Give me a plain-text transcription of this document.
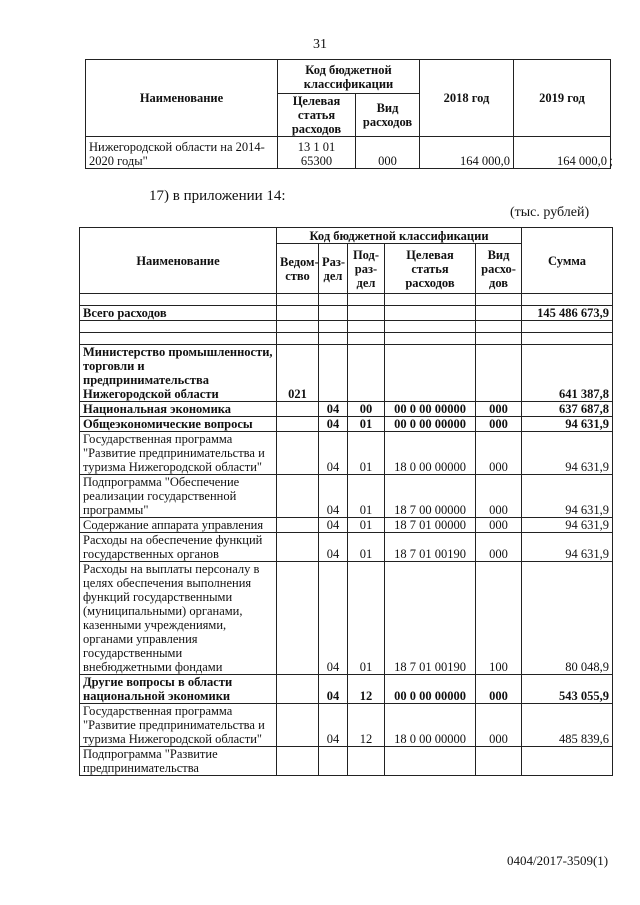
31
Наименование	Код бюджетной классификации		2018 год	2019 год
	Целевая статья расходов	Вид расходов		
Нижегородской области на 2014-2020 годы"	13 1 01 65300	000	164 000,0	164 000,0 ;
17) в приложении 14:
(тыс. рублей)
Наименование	Код бюджетной классификации					Сумма
	Ведом-ство	Раз-дел	Под-раз-дел	Целевая статья расходов	Вид расхо-дов	

Всего расходов						145 486 673,9

Министерство промышленности, торговли и предпринимательства Нижегородской области	021					641 387,8
Национальная экономика		04	00	00 0 00 00000	000	637 687,8
Общеэкономические вопросы		04	01	00 0 00 00000	000	94 631,9
Государственная программа "Развитие предпринимательства и туризма Нижегородской области"		04	01	18 0 00 00000	000	94 631,9
Подпрограмма "Обеспечение реализации государственной программы"		04	01	18 7 00 00000	000	94 631,9
Содержание аппарата управления		04	01	18 7 01 00000	000	94 631,9
Расходы на обеспечение функций государственных органов		04	01	18 7 01 00190	000	94 631,9
Расходы на выплаты персоналу в целях обеспечения выполнения функций государственными (муниципальными) органами, казенными учреждениями, органами управления государственными внебюджетными фондами		04	01	18 7 01 00190	100	80 048,9
Другие вопросы в области национальной экономики		04	12	00 0 00 00000	000	543 055,9
Государственная программа "Развитие предпринимательства и туризма Нижегородской области"		04	12	18 0 00 00000	000	485 839,6
Подпрограмма "Развитие предпринимательства						
0404/2017-3509(1)
